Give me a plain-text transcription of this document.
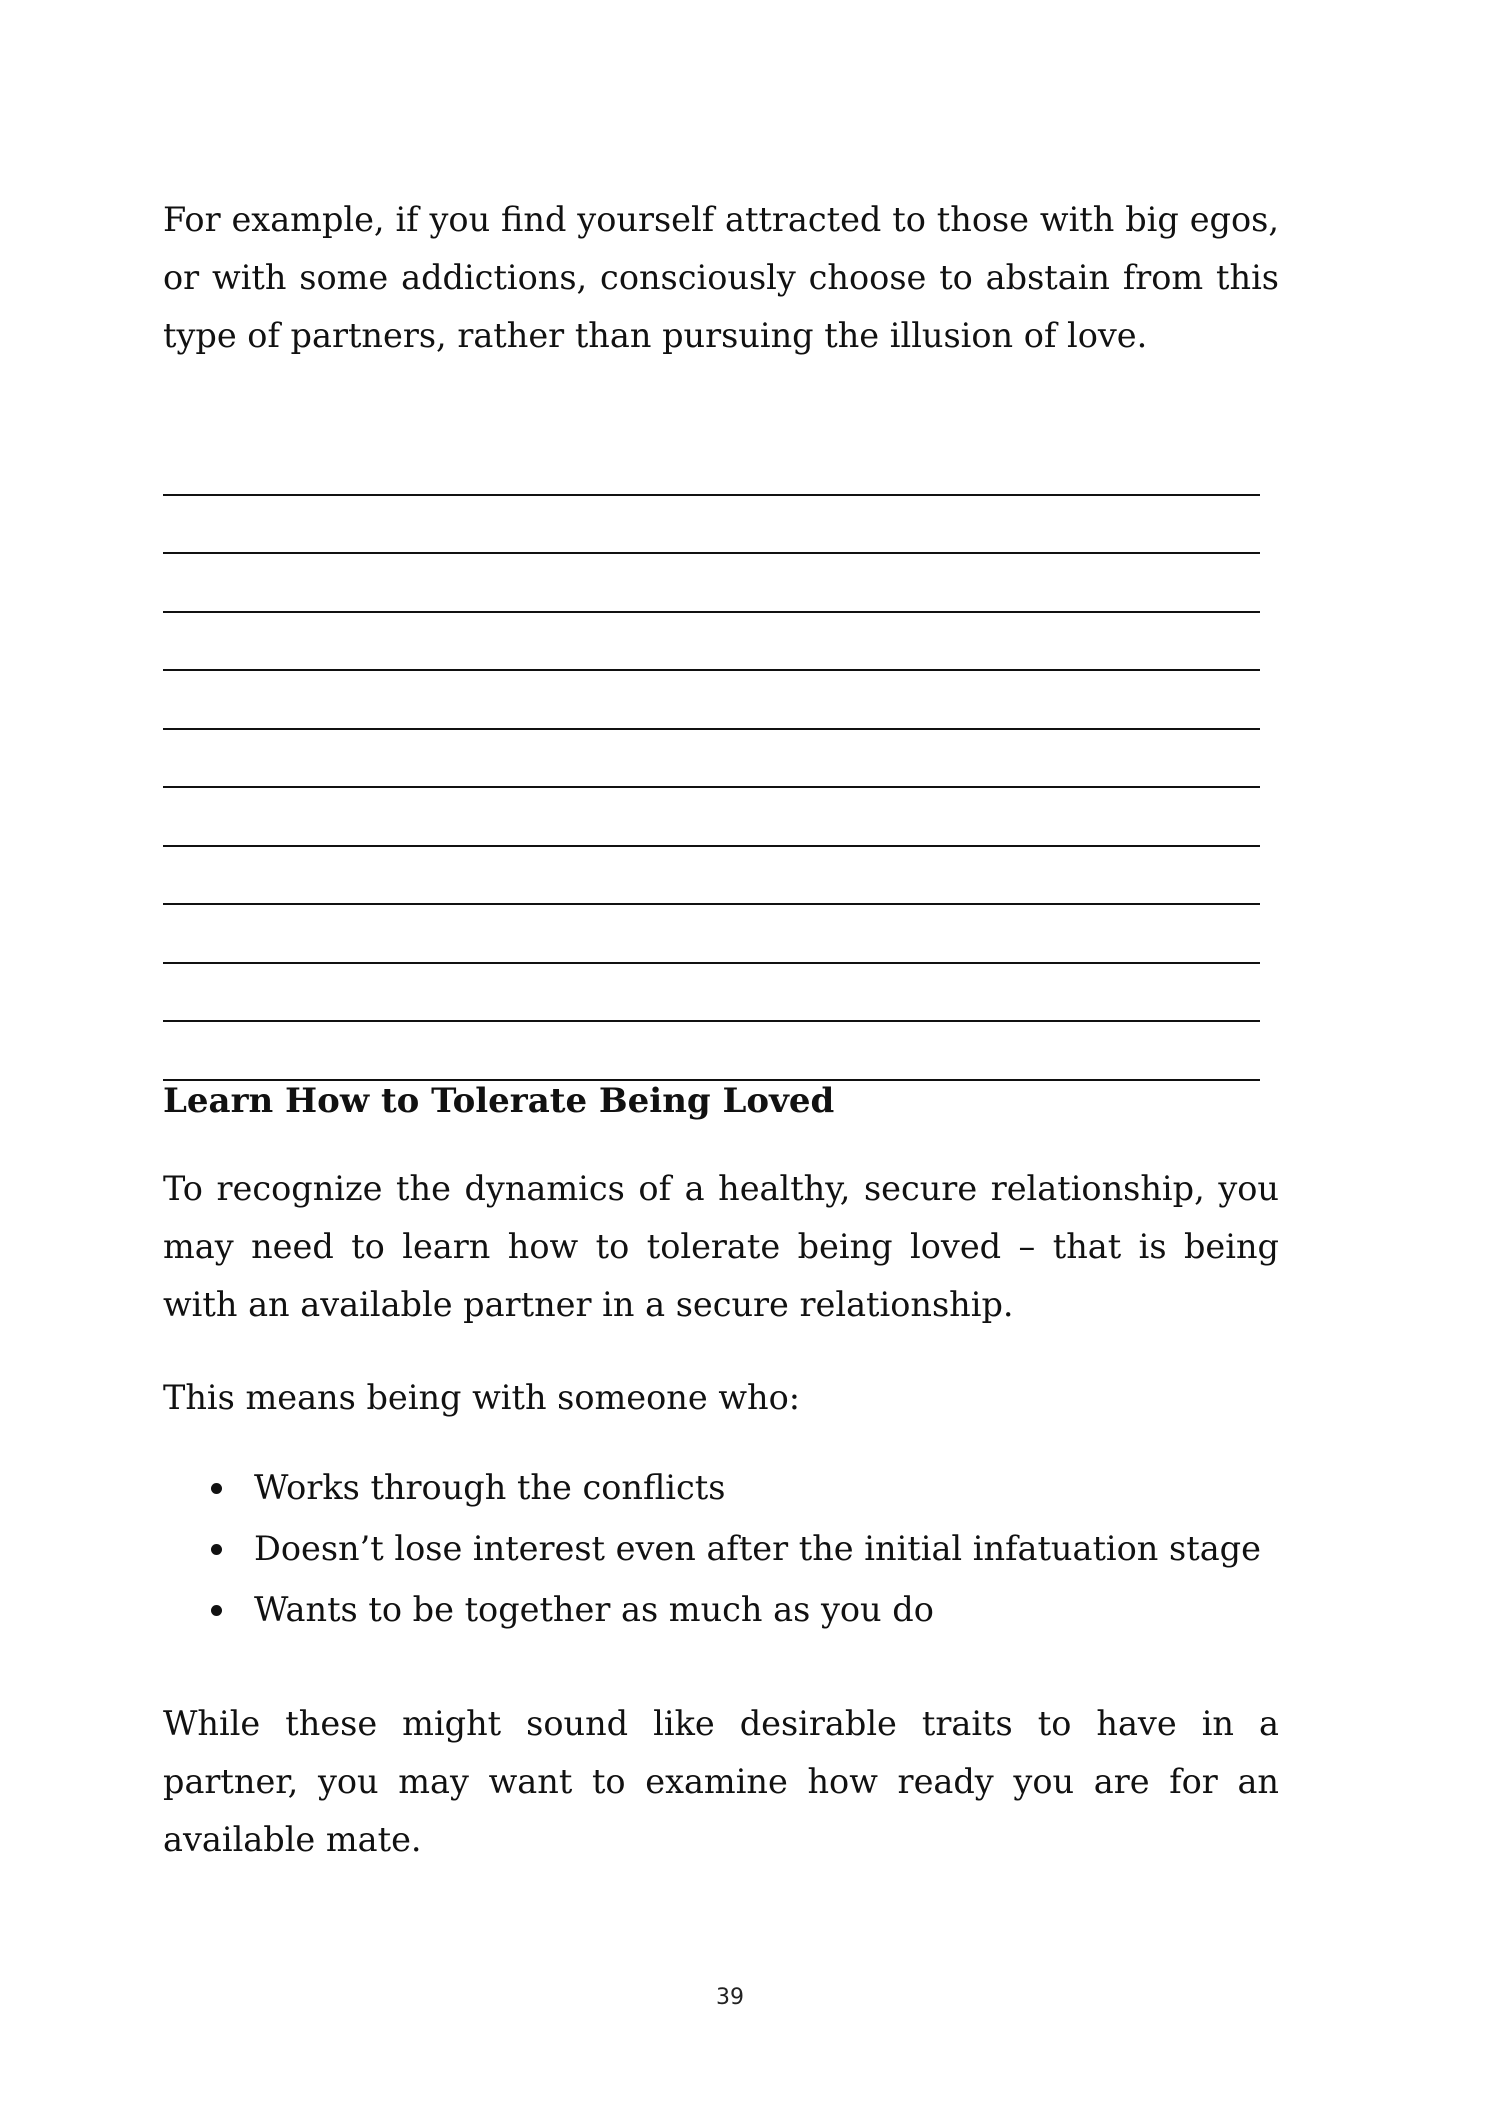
For example, if you find yourself attracted to those with big egos, or with some addictions, consciously choose to abstain from this type of partners, rather than pursuing the illusion of love.

Learn How to Tolerate Being Loved

To recognize the dynamics of a healthy, secure relationship, you may need to learn how to tolerate being loved – that is being with an available partner in a secure relationship.

This means being with someone who:

Works through the conflicts
Doesn’t lose interest even after the initial infatuation stage
Wants to be together as much as you do

While these might sound like desirable traits to have in a partner, you may want to examine how ready you are for an available mate.

39
